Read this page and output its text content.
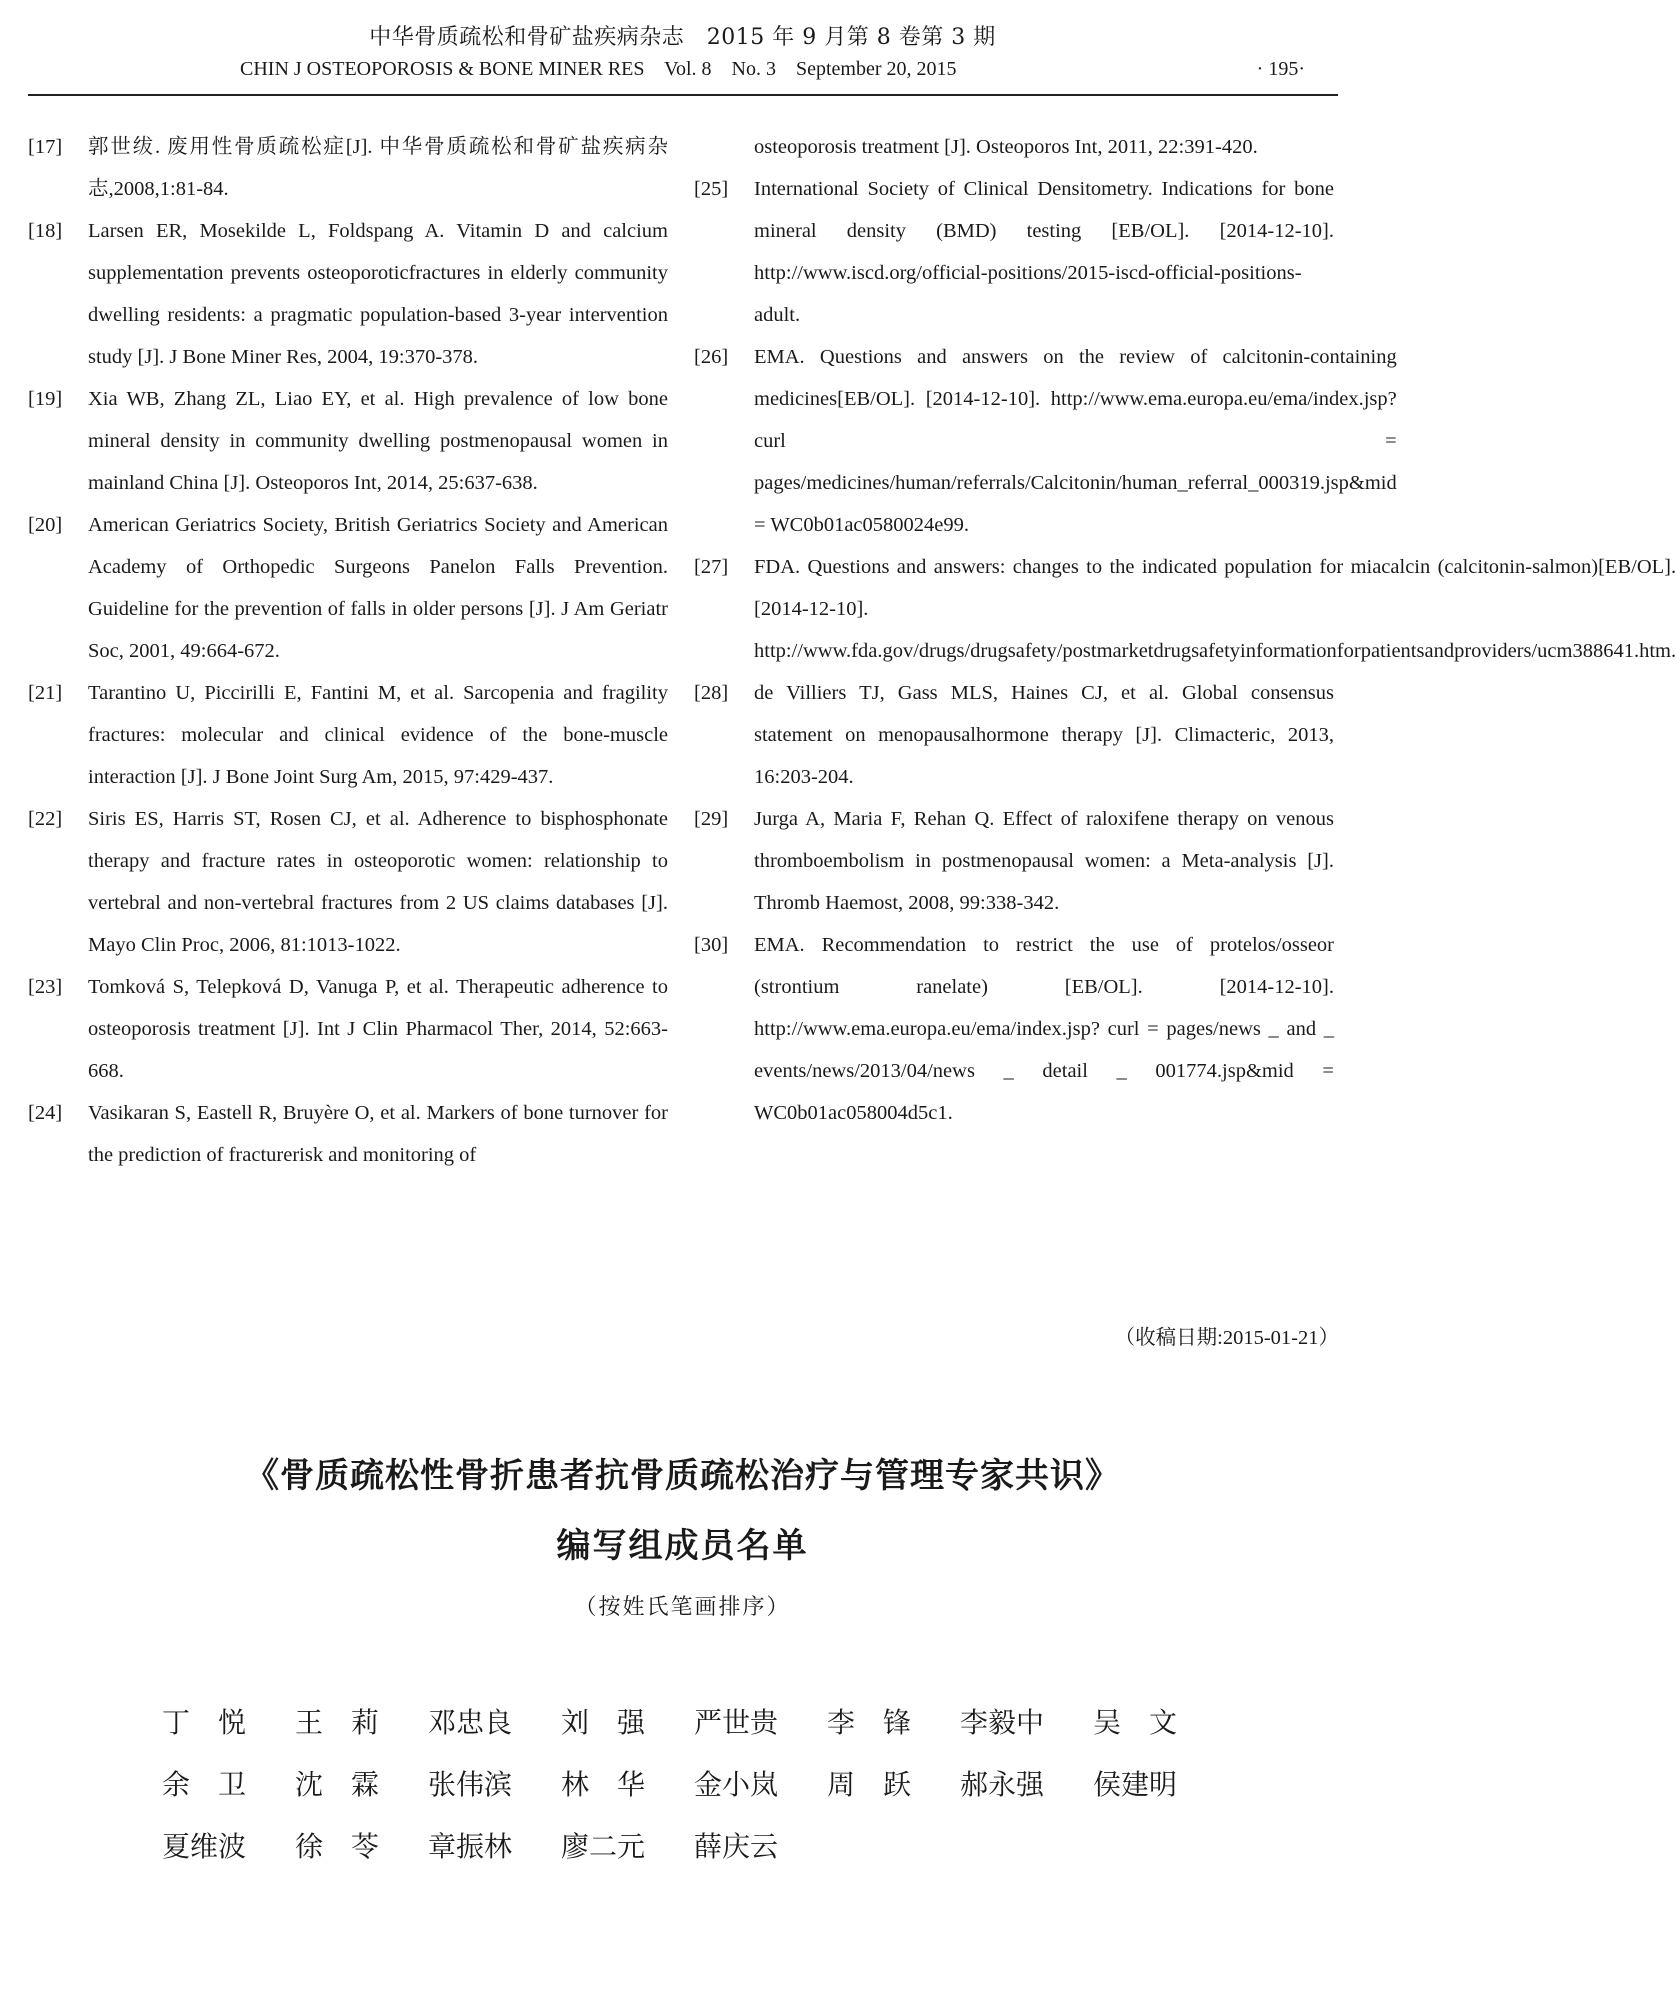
中华骨质疏松和骨矿盐疾病杂志　2015 年 9 月第 8 卷第 3 期
CHIN J OSTEOPOROSIS & BONE MINER RES    Vol. 8    No. 3    September 20, 2015	· 195·
[17]	郭世绂. 废用性骨质疏松症[J]. 中华骨质疏松和骨矿盐疾病杂志,2008,1:81-84.
[18]	Larsen ER, Mosekilde L, Foldspang A. Vitamin D and calcium supplementation prevents osteoporoticfractures in elderly community dwelling residents: a pragmatic population-based 3-year intervention study [J]. J Bone Miner Res, 2004, 19:370-378.
[19]	Xia WB, Zhang ZL, Liao EY, et al. High prevalence of low bone mineral density in community dwelling postmenopausal women in mainland China [J]. Osteoporos Int, 2014, 25:637-638.
[20]	American Geriatrics Society, British Geriatrics Society and American Academy of Orthopedic Surgeons Panelon Falls Prevention. Guideline for the prevention of falls in older persons [J]. J Am Geriatr Soc, 2001, 49:664-672.
[21]	Tarantino U, Piccirilli E, Fantini M, et al. Sarcopenia and fragility fractures: molecular and clinical evidence of the bone-muscle interaction [J]. J Bone Joint Surg Am, 2015, 97:429-437.
[22]	Siris ES, Harris ST, Rosen CJ, et al. Adherence to bisphosphonate therapy and fracture rates in osteoporotic women: relationship to vertebral and non-vertebral fractures from 2 US claims databases [J]. Mayo Clin Proc, 2006, 81:1013-1022.
[23]	Tomková S, Telepková D, Vanuga P, et al. Therapeutic adherence to osteoporosis treatment [J]. Int J Clin Pharmacol Ther, 2014, 52:663-668.
[24]	Vasikaran S, Eastell R, Bruyère O, et al. Markers of bone turnover for the prediction of fracturerisk and monitoring of
osteoporosis treatment [J]. Osteoporos Int, 2011, 22:391-420.
[25]	International Society of Clinical Densitometry. Indications for bone mineral density (BMD) testing [EB/OL]. [2014-12-10]. http://www.iscd.org/official-positions/2015-iscd-official-positions-adult.
[26]	EMA. Questions and answers on the review of calcitonin-containing medicines[EB/OL]. [2014-12-10]. http://www.ema.europa.eu/ema/index.jsp? curl = pages/medicines/human/referrals/Calcitonin/human_referral_000319.jsp&mid = WC0b01ac0580024e99.
[27]	FDA. Questions and answers: changes to the indicated population for miacalcin (calcitonin-salmon)[EB/OL]. [2014-12-10]. http://www.fda.gov/drugs/drugsafety/postmarketdrugsafetyinformationforpatientsandproviders/ucm388641.htm.
[28]	de Villiers TJ, Gass MLS, Haines CJ, et al. Global consensus statement on menopausalhormone therapy [J]. Climacteric, 2013, 16:203-204.
[29]	Jurga A, Maria F, Rehan Q. Effect of raloxifene therapy on venous thromboembolism in postmenopausal women: a Meta-analysis [J]. Thromb Haemost, 2008, 99:338-342.
[30]	EMA. Recommendation to restrict the use of protelos/osseor (strontium ranelate) [EB/OL]. [2014-12-10]. http://www.ema.europa.eu/ema/index.jsp? curl = pages/news _ and _ events/news/2013/04/news _ detail _ 001774.jsp&mid = WC0b01ac058004d5c1.
（收稿日期:2015-01-21）
《骨质疏松性骨折患者抗骨质疏松治疗与管理专家共识》
编写组成员名单
（按姓氏笔画排序）
丁　悦	王　莉	邓忠良	刘　强	严世贵	李　锋	李毅中	吴　文
余　卫	沈　霖	张伟滨	林　华	金小岚	周　跃	郝永强	侯建明
夏维波	徐　苓	章振林	廖二元	薛庆云
